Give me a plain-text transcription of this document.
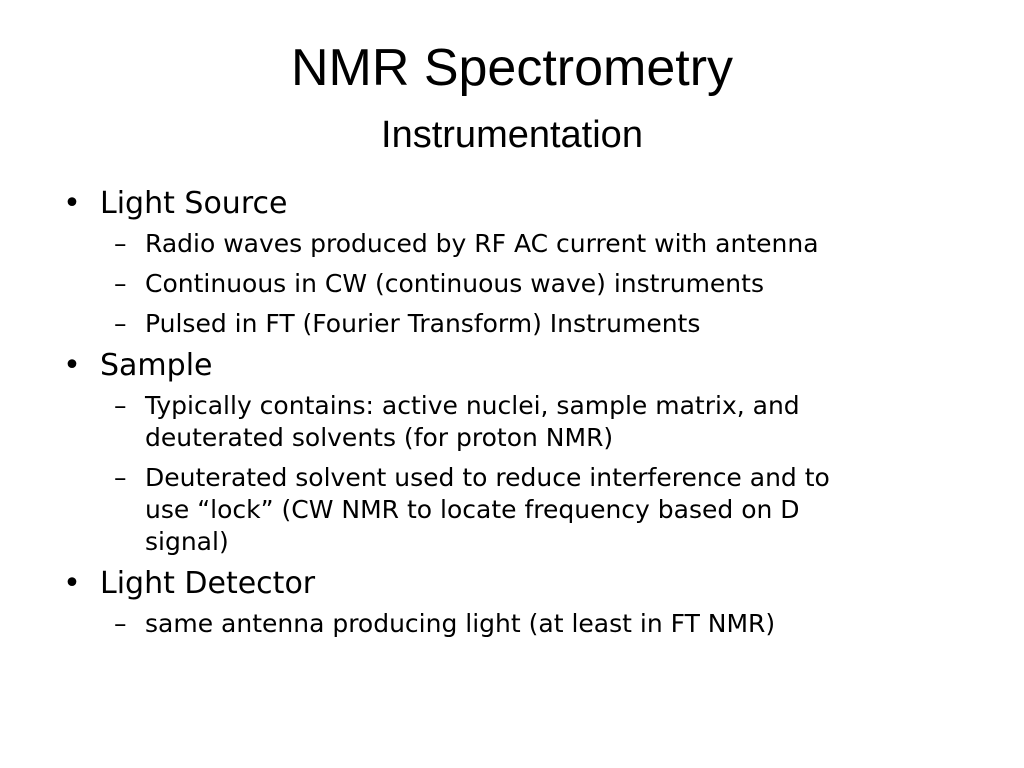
NMR Spectrometry
Instrumentation
• Light Source
– Radio waves produced by RF AC current with antenna
– Continuous in CW (continuous wave) instruments
– Pulsed in FT (Fourier Transform) Instruments
• Sample
– Typically contains: active nuclei, sample matrix, and deuterated solvents (for proton NMR)
– Deuterated solvent used to reduce interference and to use “lock” (CW NMR to locate frequency based on D signal)
• Light Detector
– same antenna producing light (at least in FT NMR)
